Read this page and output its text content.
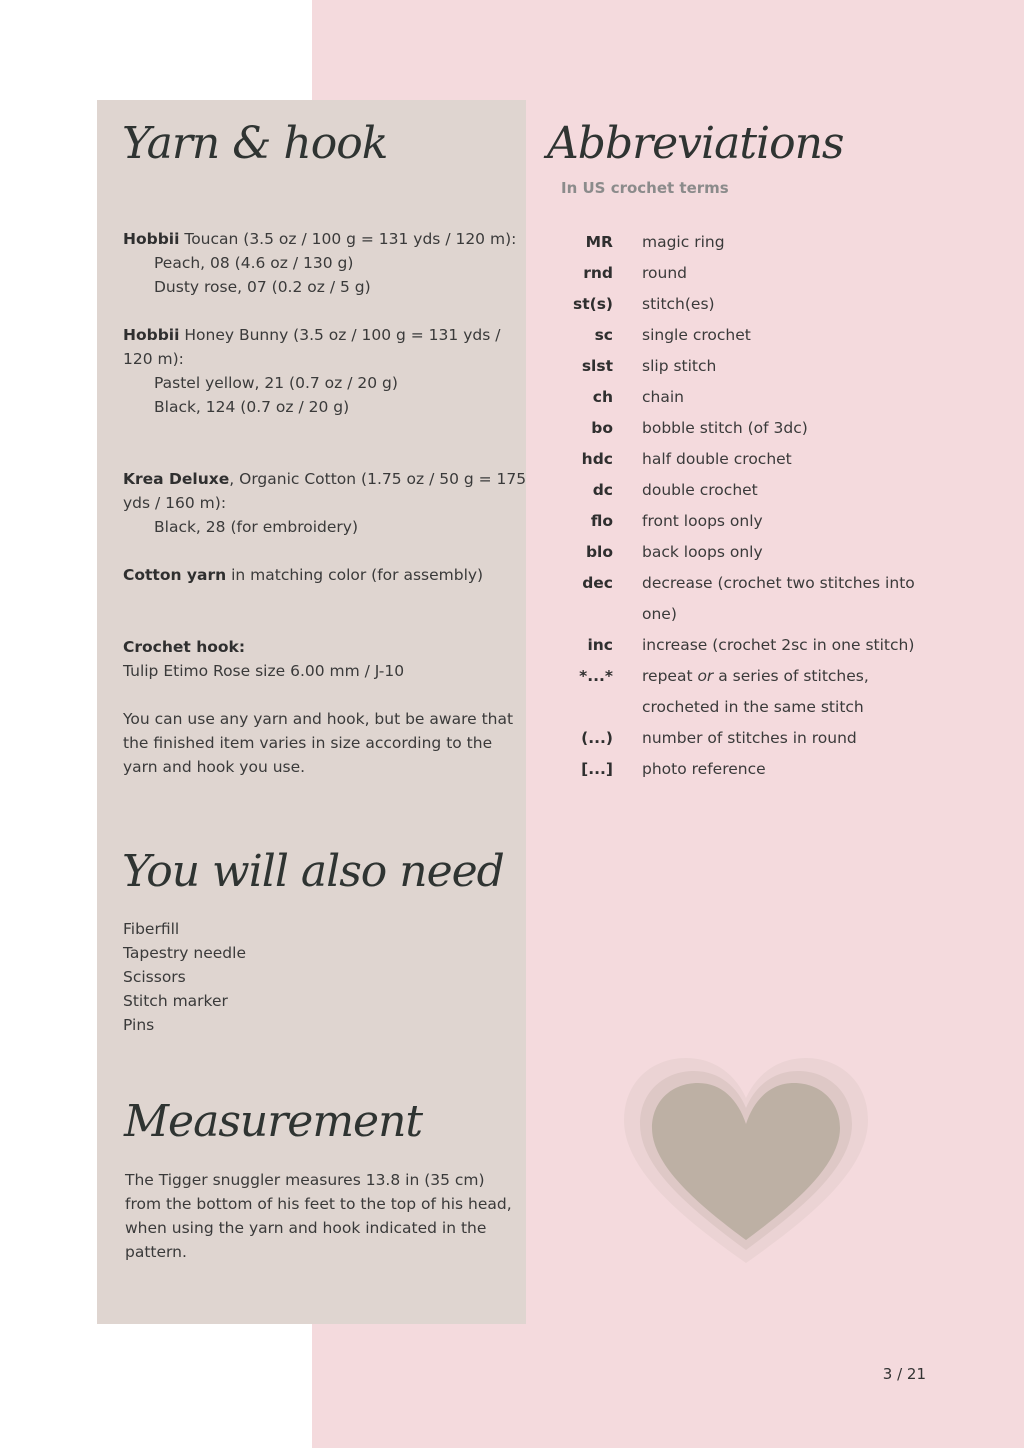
Yarn & hook
Hobbii Toucan (3.5 oz / 100 g = 131 yds / 120 m):
Peach, 08 (4.6 oz / 130 g)
Dusty rose, 07 (0.2 oz / 5 g)

Hobbii Honey Bunny (3.5 oz / 100 g = 131 yds /
120 m):
Pastel yellow, 21 (0.7 oz / 20 g)
Black, 124 (0.7 oz / 20 g)

Krea Deluxe, Organic Cotton (1.75 oz / 50 g = 175
yds / 160 m):
Black, 28 (for embroidery)

Cotton yarn in matching color (for assembly)

Crochet hook:
Tulip Etimo Rose size 6.00 mm / J-10

You can use any yarn and hook, but be aware that
the finished item varies in size according to the
yarn and hook you use.
You will also need
Fiberfill
Tapestry needle
Scissors
Stitch marker
Pins
Measurement
The Tigger snuggler measures 13.8 in (35 cm)
from the bottom of his feet to the top of his head,
when using the yarn and hook indicated in the
pattern.
Abbreviations
In US crochet terms
MR	magic ring
rnd	round
st(s)	stitch(es)
sc	single crochet
slst	slip stitch
ch	chain
bo	bobble stitch (of 3dc)
hdc	half double crochet
dc	double crochet
flo	front loops only
blo	back loops only
dec	decrease (crochet two stitches into one)
inc	increase (crochet 2sc in one stitch)
*...*	repeat or a series of stitches, crocheted in the same stitch
(...)	number of stitches in round
[...]	photo reference
3 / 21
